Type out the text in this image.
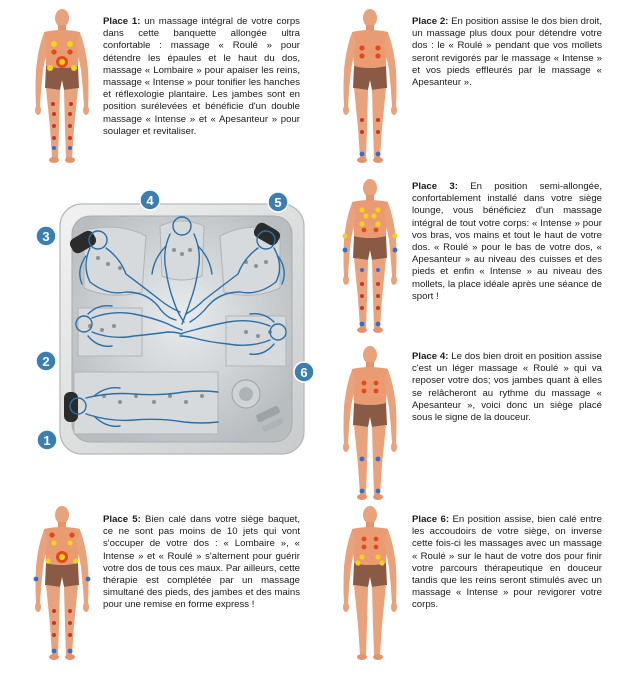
Place 1: un massage intégral de votre corps dans cette banquette allongée ultra confortable : massage « Roulé » pour détendre les épaules et le haut du dos, massage « Lombaire » pour apaiser les reins, massage « Intense » pour tonifier les hanches et réflexologie plantaire. Les jambes sont en position surélevées et bénéficie d'un double massage « Intense » et « Apesanteur » pour soulager et revitaliser.
Place 2: En position assise le dos bien droit, un massage plus doux pour détendre votre dos : le « Roulé » pendant que vos mollets seront revigorés par le massage « Intense » et vos pieds effleurés par le massage « Apesanteur ».
Place 3: En position semi-allongée, confortablement installé dans votre siège lounge, vous bénéficiez d'un massage intégral de tout votre corps: « Intense » pour vos bras, vos mains et tout le haut de votre dos. « Roulé » pour le bas de votre dos, « Apesanteur » au niveau des cuisses et des pieds et enfin « Intense » au niveau des mollets, la place idéale après une séance de sport !
Place 4: Le dos bien droit en position assise c'est un léger massage « Roulé » qui va reposer votre dos; vos jambes quant à elles se relâcheront au rythme du massage « Apesanteur », voici donc un siège placé sous le signe de la douceur.
Place 5: Bien calé dans votre siège baquet, ce ne sont pas moins de 10 jets qui vont s'occuper de votre dos : « Lombaire », « Intense » et « Roulé » s'alternent pour guérir votre dos de tous ces maux. Par ailleurs, cette thérapie est complétée par un massage simultané des pieds, des jambes et des mains pour une remise en forme express !
Place 6: En position assise, bien calé entre les accoudoirs de votre siège, on inverse cette fois-ci les massages avec un massage « Roulé » sur le haut de votre dos pour finir votre parcours thérapeutique en douceur tandis que les reins seront stimulés avec un massage « Intense » pour revigorer votre corps.
1
2
3
4	5
6
